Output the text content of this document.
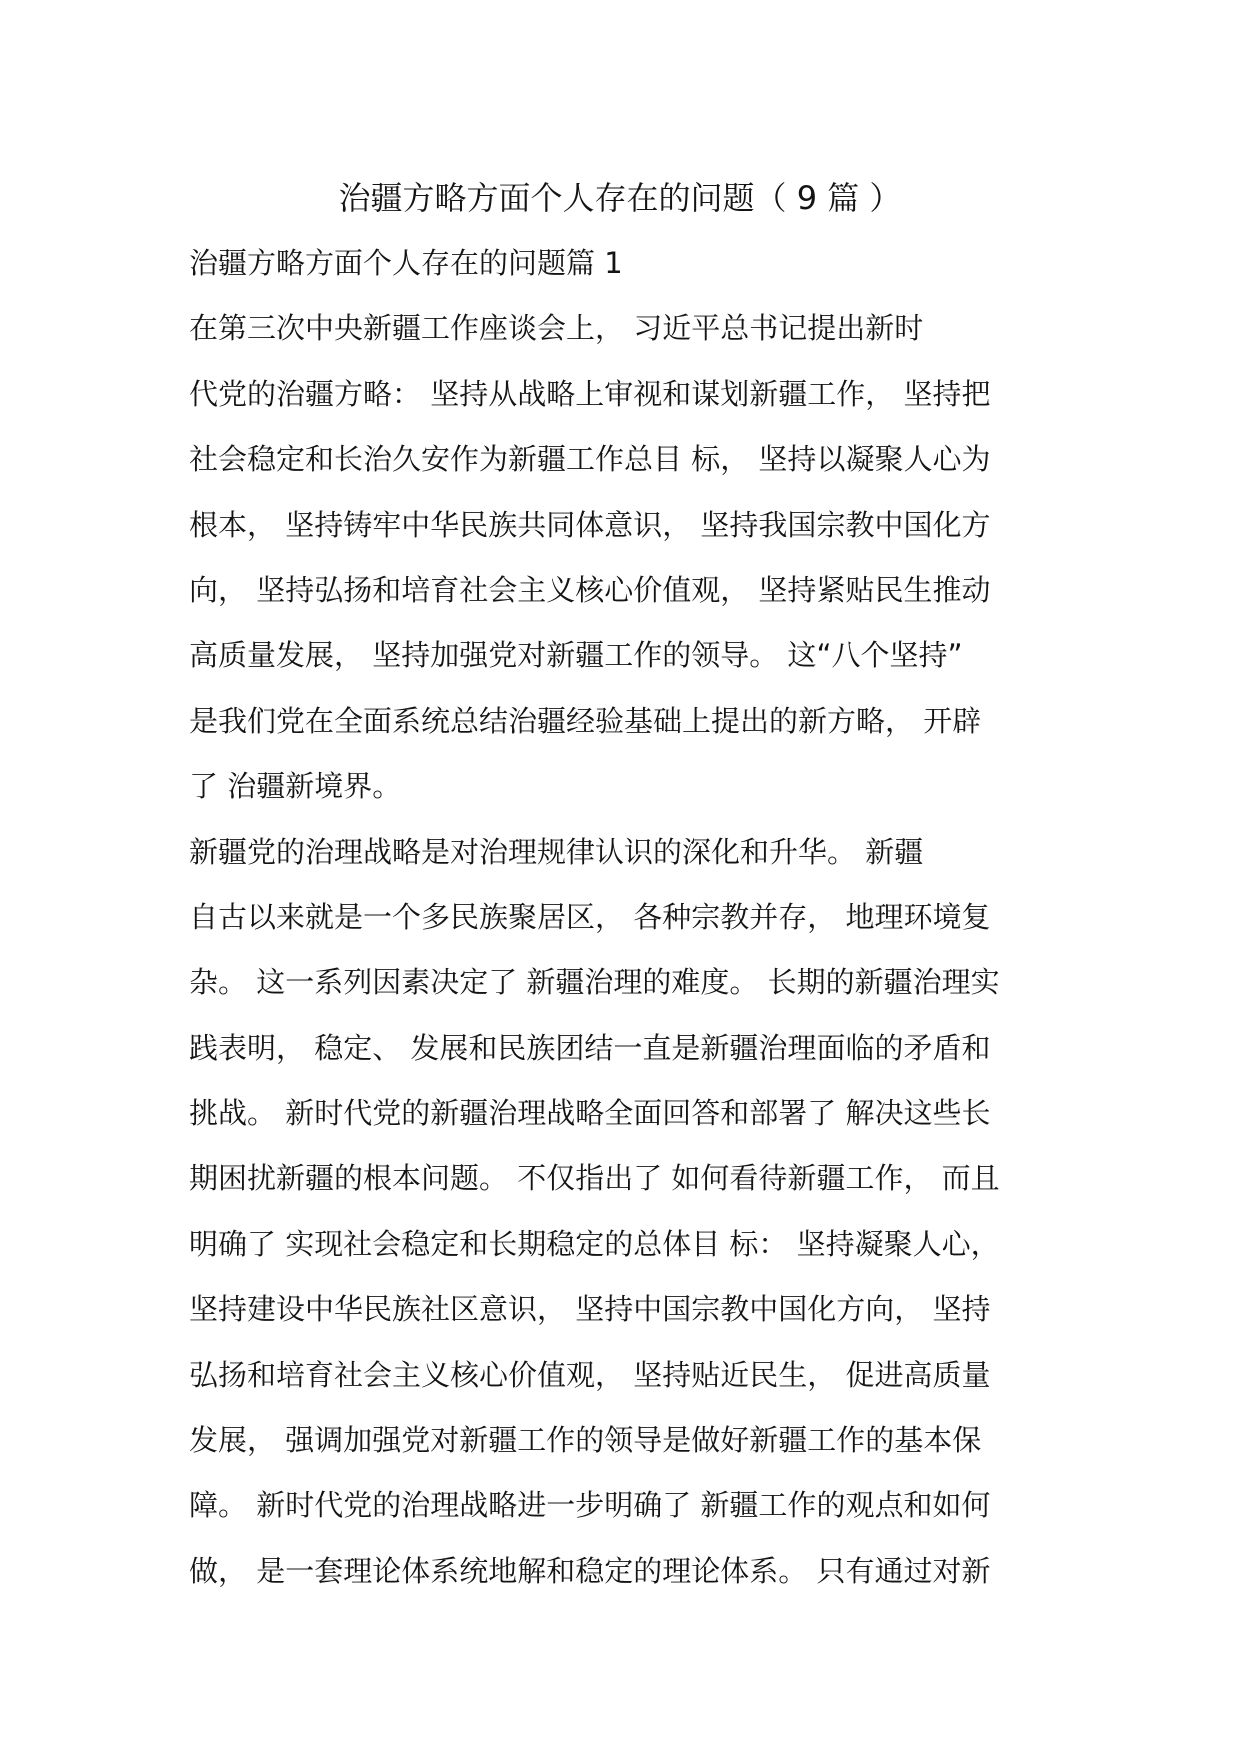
治疆方略方面个人存在的问题（ 9 篇 ）
治疆方略方面个人存在的问题篇 1
在第三次中央新疆工作座谈会上， 习近平总书记提出新时
代党的治疆方略： 坚持从战略上审视和谋划新疆工作， 坚持把
社会稳定和长治久安作为新疆工作总目 标， 坚持以凝聚人心为
根本， 坚持铸牢中华民族共同体意识， 坚持我国宗教中国化方
向， 坚持弘扬和培育社会主义核心价值观， 坚持紧贴民生推动
高质量发展， 坚持加强党对新疆工作的领导。 这“八个坚持”
是我们党在全面系统总结治疆经验基础上提出的新方略， 开辟
了 治疆新境界。
新疆党的治理战略是对治理规律认识的深化和升华。 新疆
自古以来就是一个多民族聚居区， 各种宗教并存， 地理环境复
杂。 这一系列因素决定了 新疆治理的难度。 长期的新疆治理实
践表明， 稳定、 发展和民族团结一直是新疆治理面临的矛盾和
挑战。 新时代党的新疆治理战略全面回答和部署了 解决这些长
期困扰新疆的根本问题。 不仅指出了 如何看待新疆工作， 而且
明确了 实现社会稳定和长期稳定的总体目 标： 坚持凝聚人心，
坚持建设中华民族社区意识， 坚持中国宗教中国化方向， 坚持
弘扬和培育社会主义核心价值观， 坚持贴近民生， 促进高质量
发展， 强调加强党对新疆工作的领导是做好新疆工作的基本保
障。 新时代党的治理战略进一步明确了 新疆工作的观点和如何
做， 是一套理论体系统地解和稳定的理论体系。 只有通过对新
